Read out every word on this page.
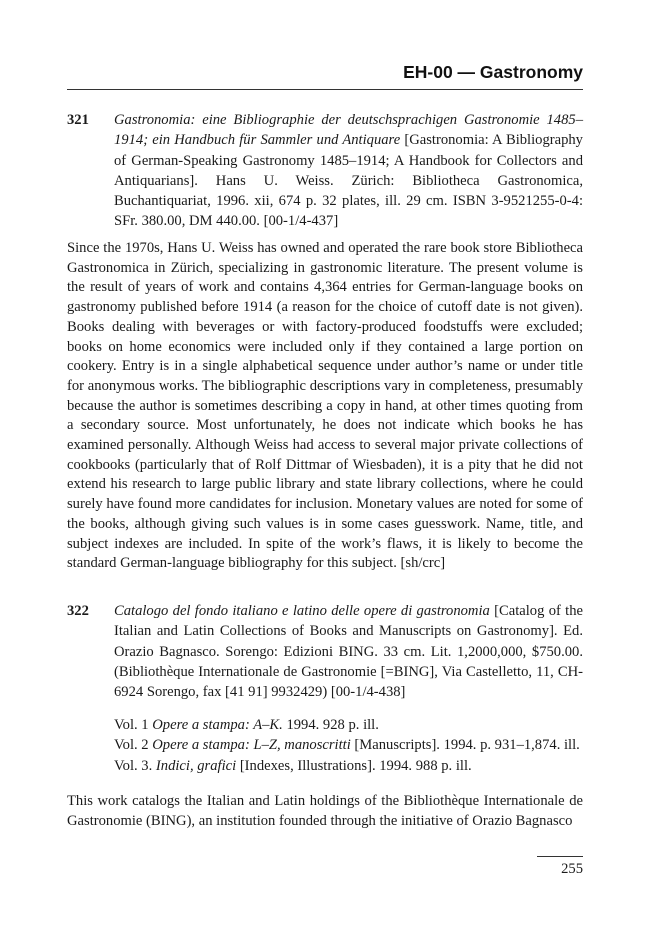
EH-00 — Gastronomy
321 Gastronomia: eine Bibliographie der deutschsprachigen Gastronomie 1485–1914; ein Handbuch für Sammler und Antiquare [Gastronomia: A Bibliography of German-Speaking Gastronomy 1485–1914; A Handbook for Collectors and Antiquarians]. Hans U. Weiss. Zürich: Bibliotheca Gastronomica, Buchantiquariat, 1996. xii, 674 p. 32 plates, ill. 29 cm. ISBN 3-9521255-0-4: SFr. 380.00, DM 440.00. [00-1/4-437]
Since the 1970s, Hans U. Weiss has owned and operated the rare book store Bibliotheca Gastronomica in Zürich, specializing in gastronomic literature. The present volume is the result of years of work and contains 4,364 entries for German-language books on gastronomy published before 1914 (a reason for the choice of cutoff date is not given). Books dealing with beverages or with factory-produced foodstuffs were excluded; books on home economics were included only if they contained a large portion on cookery. Entry is in a single alphabetical sequence under author’s name or under title for anonymous works. The bibliographic descriptions vary in completeness, presumably because the author is sometimes describing a copy in hand, at other times quoting from a secondary source. Most unfortunately, he does not indicate which books he has examined personally. Although Weiss had access to several major private collections of cookbooks (particularly that of Rolf Dittmar of Wiesbaden), it is a pity that he did not extend his research to large public library and state library collections, where he could surely have found more candidates for inclusion. Monetary values are noted for some of the books, although giving such values is in some cases guesswork. Name, title, and subject indexes are included. In spite of the work’s flaws, it is likely to become the standard German-language bibliography for this subject. [sh/crc]
322 Catalogo del fondo italiano e latino delle opere di gastronomia [Catalog of the Italian and Latin Collections of Books and Manuscripts on Gastronomy]. Ed. Orazio Bagnasco. Sorengo: Edizioni BING. 33 cm. Lit. 1,2000,000, $750.00. (Bibliothèque Internationale de Gastronomie [=BING], Via Castelletto, 11, CH-6924 Sorengo, fax [41 91] 9932429) [00-1/4-438]
Vol. 1 Opere a stampa: A–K. 1994. 928 p. ill.
Vol. 2 Opere a stampa: L–Z, manoscritti [Manuscripts]. 1994. p. 931–1,874. ill.
Vol. 3. Indici, grafici [Indexes, Illustrations]. 1994. 988 p. ill.
This work catalogs the Italian and Latin holdings of the Bibliothèque Internationale de Gastronomie (BING), an institution founded through the initiative of Orazio Bagnasco
255
